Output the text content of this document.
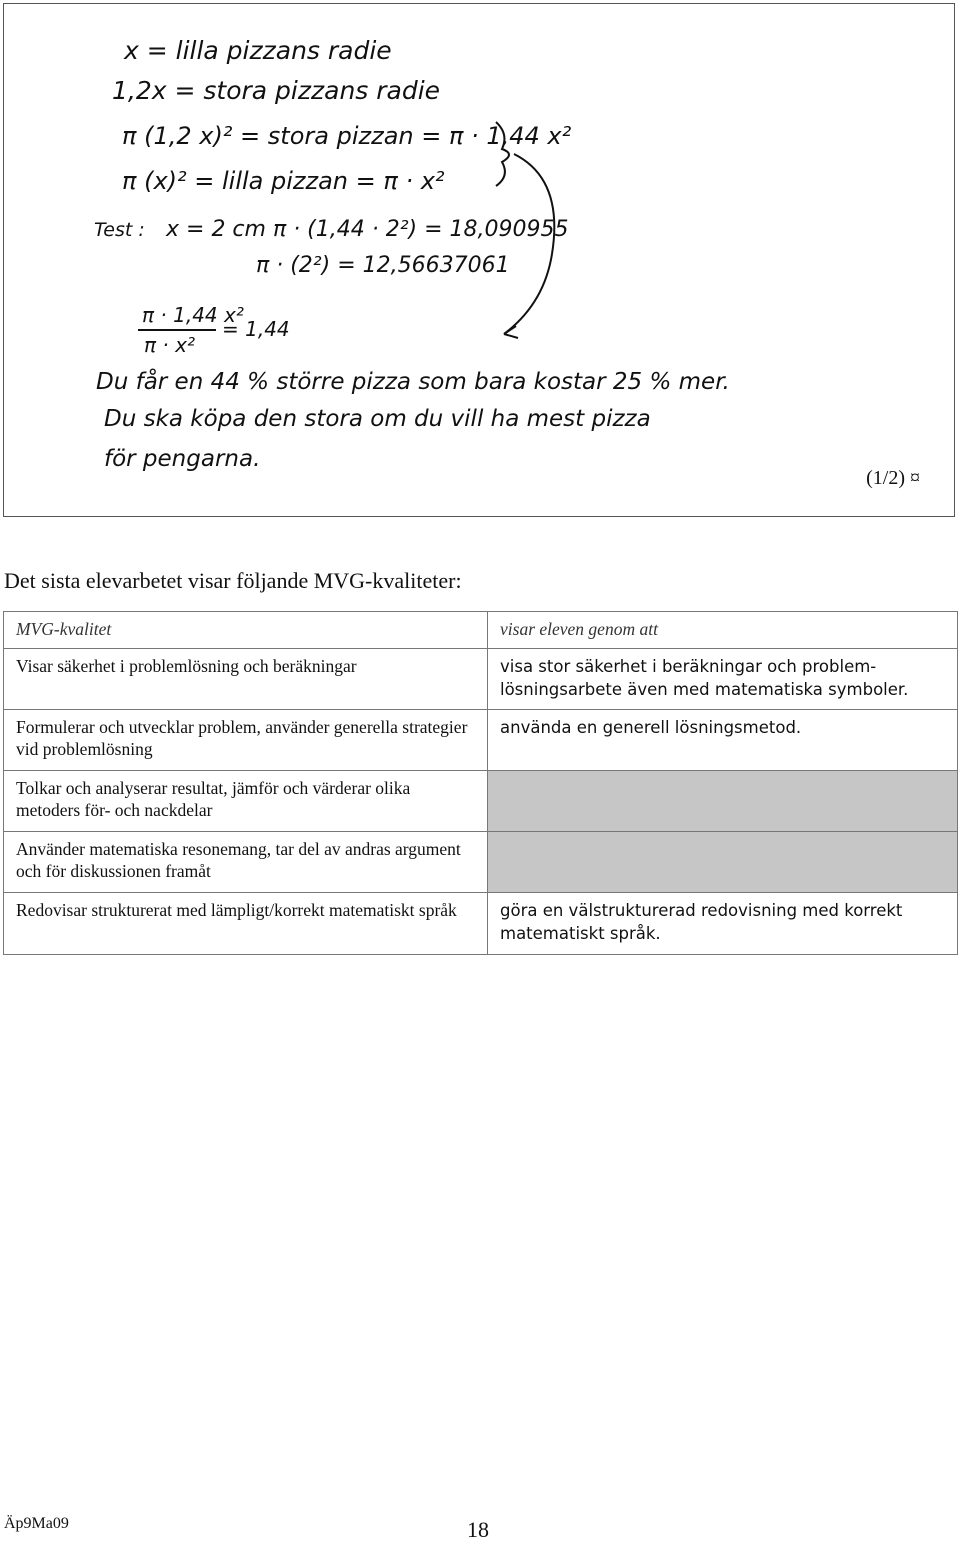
x = lilla pizzans radie
1,2x = stora pizzans radie
π (1,2 x)² = stora pizzan = π · 1,44 x²
π (x)² = lilla pizzan = π · x²
Test : x = 2 cm π · (1,44 · 2²) = 18,090955
π · (2²) = 12,56637061
π · 1,44 x²
π · x²
= 1,44
Du får en 44 % större pizza som bara kostar 25 % mer.
Du ska köpa den stora om du vill ha mest pizza
för pengarna.
(1/2) ¤
Det sista elevarbetet visar följande MVG-kvaliteter:
MVG-kvalitet	visar eleven genom att
Visar säkerhet i problemlösning och beräkningar	visa stor säkerhet i beräkningar och problem- lösningsarbete även med matematiska symboler.
Formulerar och utvecklar problem, använder generella strategier vid problemlösning	använda en generell lösningsmetod.
Tolkar och analyserar resultat, jämför och värderar olika metoders för- och nackdelar	
Använder matematiska resonemang, tar del av andras argument och för diskussionen framåt	
Redovisar strukturerat med lämpligt/korrekt matematiskt språk	göra en välstrukturerad redovisning med korrekt matematiskt språk.
Äp9Ma09	18
